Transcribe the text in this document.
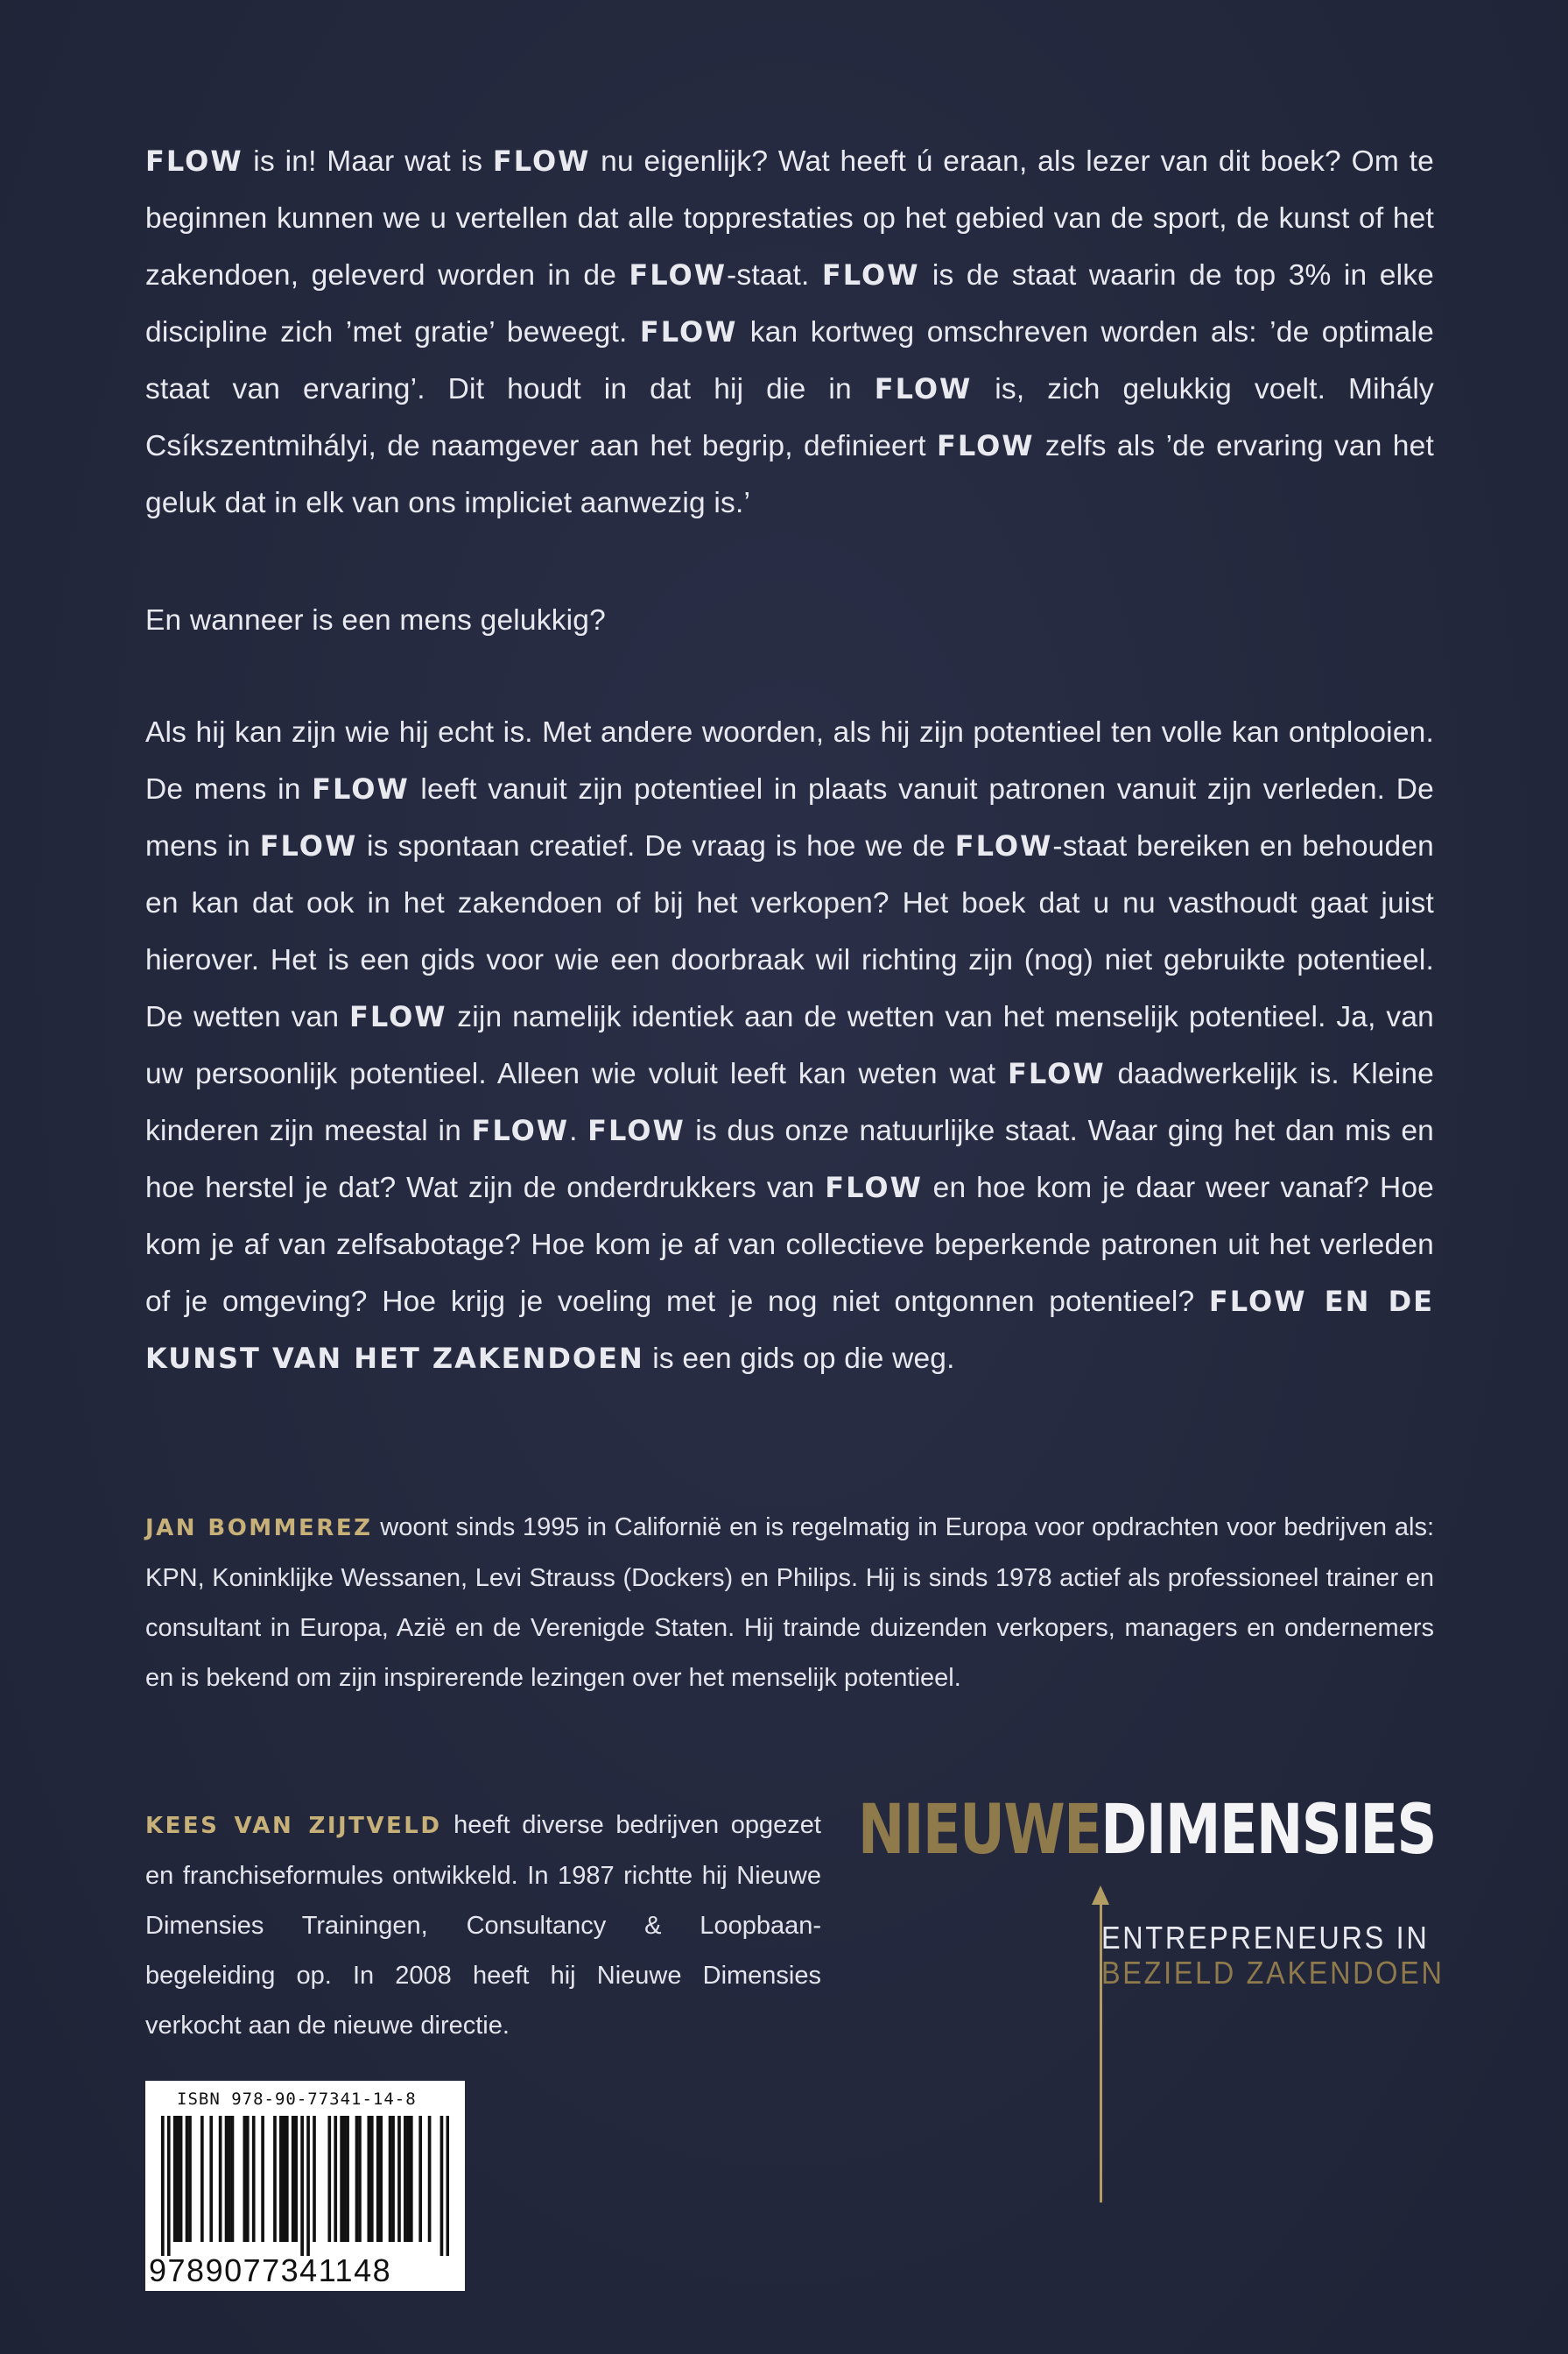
FLOW is in! Maar wat is FLOW nu eigenlijk? Wat heeft ú eraan, als lezer van dit boek? Om te beginnen kunnen we u vertellen dat alle topprestaties op het gebied van de sport, de kunst of het zakendoen, geleverd worden in de FLOW-staat. FLOW is de staat waarin de top 3% in elke discipline zich ’met gratie’ beweegt. FLOW kan kortweg omschreven worden als: ’de optimale staat van ervaring’. Dit houdt in dat hij die in FLOW is, zich gelukkig voelt. Mihály Csíkszentmihályi, de naamgever aan het begrip, definieert FLOW zelfs als ’de ervaring van het geluk dat in elk van ons impliciet aanwezig is.’

En wanneer is een mens gelukkig?

Als hij kan zijn wie hij echt is. Met andere woorden, als hij zijn potentieel ten volle kan ontplooien. De mens in FLOW leeft vanuit zijn potentieel in plaats vanuit patronen vanuit zijn verleden. De mens in FLOW is spontaan creatief. De vraag is hoe we de FLOW-staat bereiken en behouden en kan dat ook in het zakendoen of bij het verkopen? Het boek dat u nu vasthoudt gaat juist hierover. Het is een gids voor wie een doorbraak wil richting zijn (nog) niet gebruikte potentieel. De wetten van FLOW zijn namelijk identiek aan de wetten van het menselijk potentieel. Ja, van uw persoonlijk potentieel. Alleen wie voluit leeft kan weten wat FLOW daadwerkelijk is. Kleine kinderen zijn meestal in FLOW. FLOW is dus onze natuurlijke staat. Waar ging het dan mis en hoe herstel je dat? Wat zijn de onderdrukkers van FLOW en hoe kom je daar weer vanaf? Hoe kom je af van zelfsabotage? Hoe kom je af van collectieve beperkende patronen uit het verleden of je omgeving? Hoe krijg je voeling met je nog niet ontgonnen potentieel? FLOW EN DE KUNST VAN HET ZAKENDOEN is een gids op die weg.

JAN BOMMEREZ woont sinds 1995 in Californië en is regelmatig in Europa voor opdrachten voor bedrijven als: KPN, Koninklijke Wessanen, Levi Strauss (Dockers) en Philips. Hij is sinds 1978 actief als professioneel trainer en consultant in Europa, Azië en de Verenigde Staten. Hij trainde duizenden verkopers, managers en ondernemers en is bekend om zijn inspirerende lezingen over het menselijk potentieel.
KEES VAN ZIJTVELD heeft diverse bedrijven opgezet en franchiseformules ontwikkeld. In 1987 richtte hij Nieuwe Dimensies Trainingen, Consultancy & Loopbaan-begeleiding op. In 2008 heeft hij Nieuwe Dimensies verkocht aan de nieuwe directie.
NIEUWEDIMENSIES
ENTREPRENEURS IN
BEZIELD ZAKENDOEN
ISBN 978-90-77341-14-8
9789077341148
